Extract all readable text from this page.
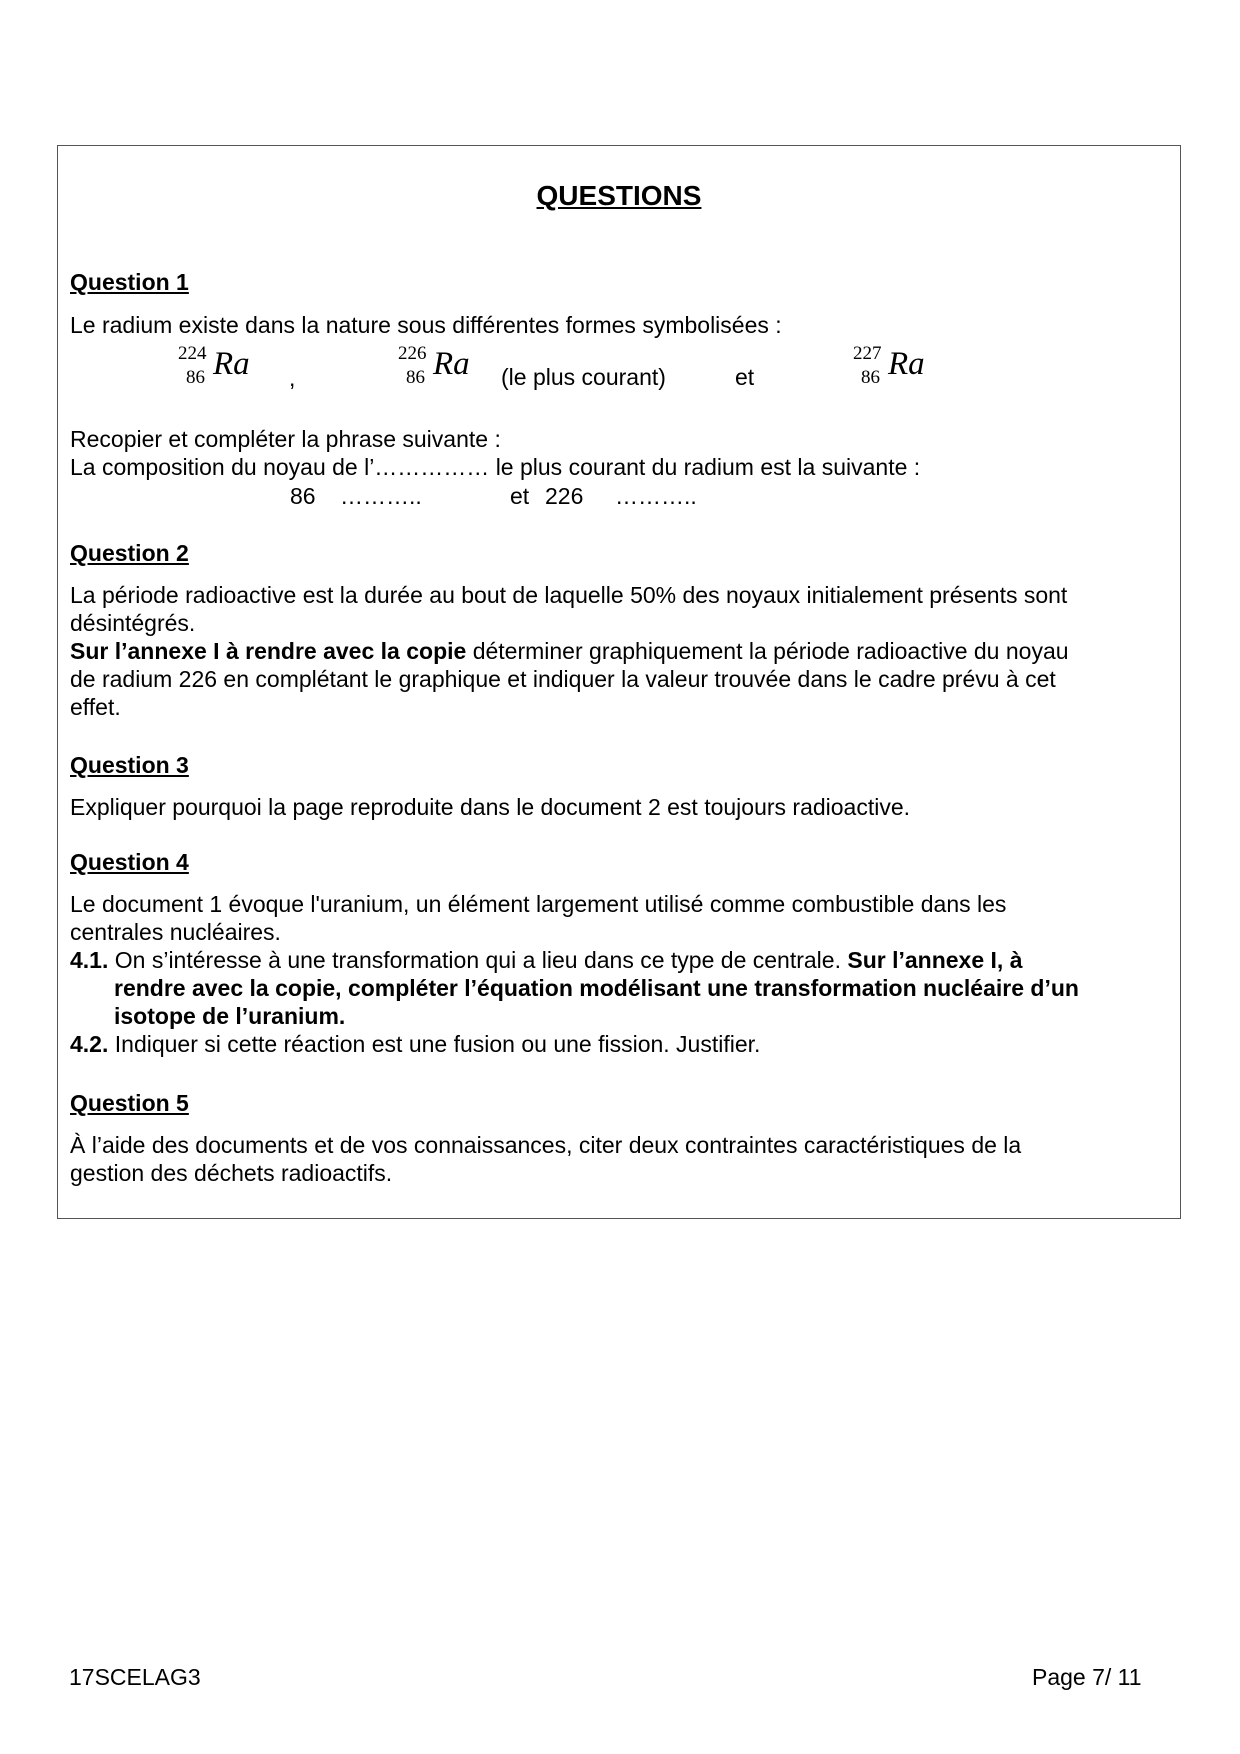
QUESTIONS
Question 1
Le radium existe dans la nature sous différentes formes symbolisées :
224
86 Ra ,
226
86 Ra (le plus courant)	et
227
86 Ra
Recopier et compléter la phrase suivante :
La composition du noyau de l’…………… le plus courant du radium est la suivante :
86 ………..	et 226 ………..
Question 2
La période radioactive est la durée au bout de laquelle 50% des noyaux initialement présents sont
désintégrés.
Sur l’annexe I à rendre avec la copie déterminer graphiquement la période radioactive du noyau
de radium 226 en complétant le graphique et indiquer la valeur trouvée dans le cadre prévu à cet
effet.
Question 3
Expliquer pourquoi la page reproduite dans le document 2 est toujours radioactive.
Question 4
Le document 1 évoque l'uranium, un élément largement utilisé comme combustible dans les
centrales nucléaires.
4.1. On s’intéresse à une transformation qui a lieu dans ce type de centrale. Sur l’annexe I, à
rendre avec la copie, compléter l’équation modélisant une transformation nucléaire d’un
isotope de l’uranium.
4.2. Indiquer si cette réaction est une fusion ou une fission. Justifier.
Question 5
À l’aide des documents et de vos connaissances, citer deux contraintes caractéristiques de la
gestion des déchets radioactifs.
17SCELAG3	Page 7/ 11
